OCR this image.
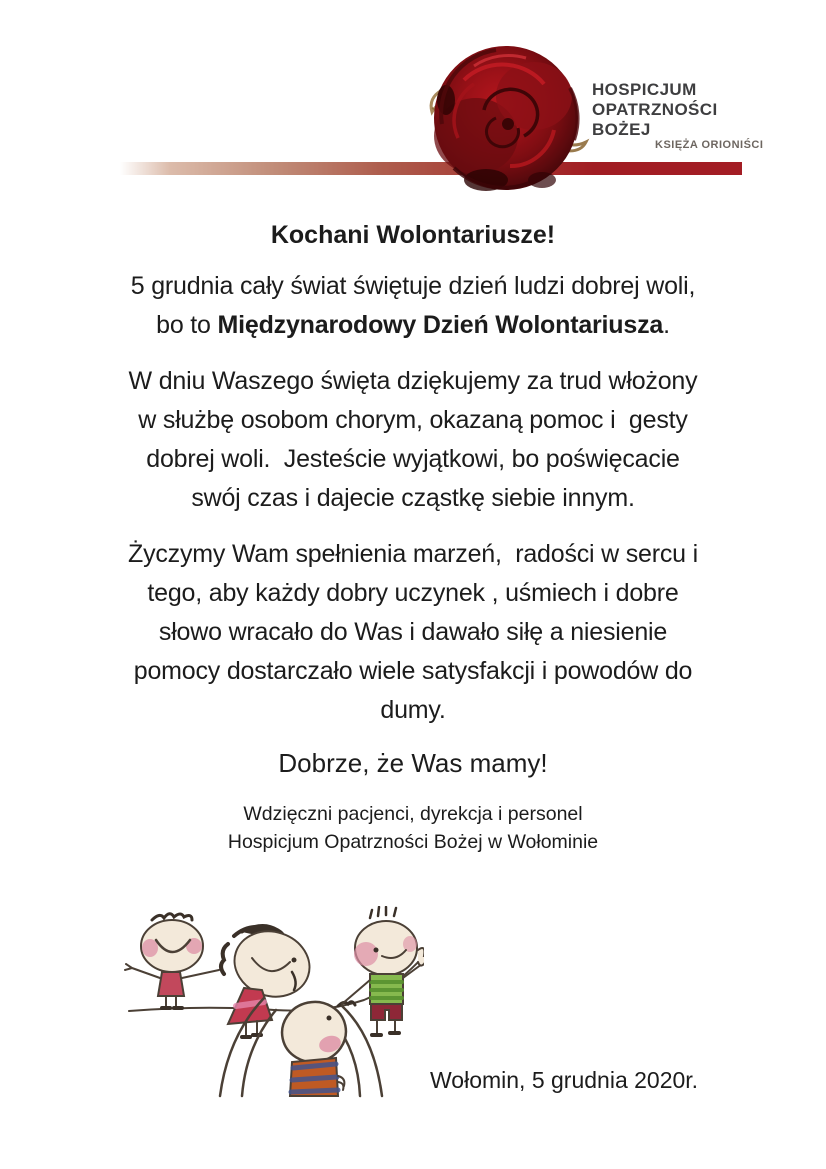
HOSPICJUM
OPATRZNOŚCI
BOŻEJ
KSIĘŻA ORIONIŚCI
Kochani Wolontariusze!
5 grudnia cały świat świętuje dzień ludzi dobrej woli,
bo to Międzynarodowy Dzień Wolontariusza.
W dniu Waszego święta dziękujemy za trud włożony
w służbę osobom chorym, okazaną pomoc i  gesty
dobrej woli.  Jesteście wyjątkowi, bo poświęcacie
swój czas i dajecie cząstkę siebie innym.
Życzymy Wam spełnienia marzeń,  radości w sercu i
tego, aby każdy dobry uczynek , uśmiech i dobre
słowo wracało do Was i dawało siłę a niesienie
pomocy dostarczało wiele satysfakcji i powodów do
dumy.
Dobrze, że Was mamy!
Wdzięczni pacjenci, dyrekcja i personel
Hospicjum Opatrzności Bożej w Wołominie
Wołomin, 5 grudnia 2020r.
